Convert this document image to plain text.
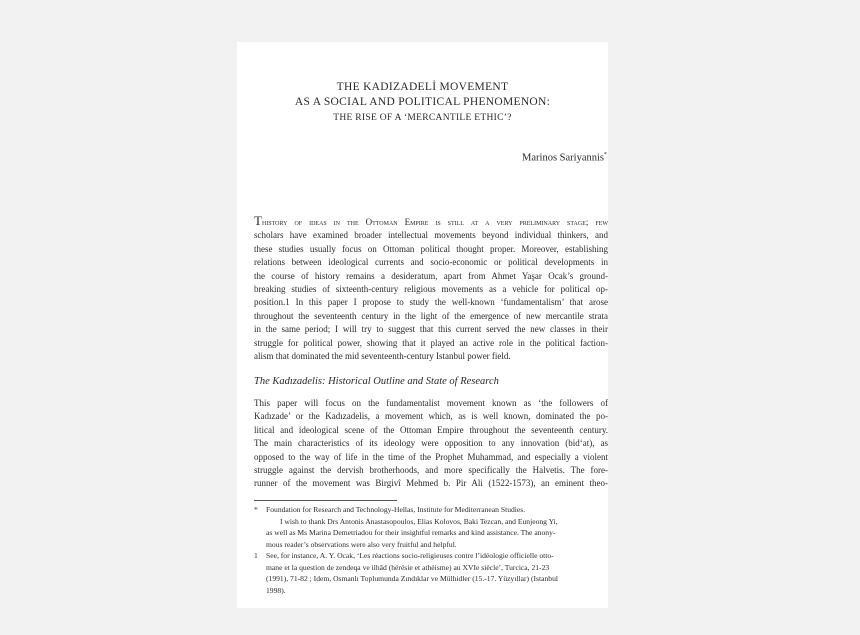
THE KADIZADELİ MOVEMENT
AS A SOCIAL AND POLITICAL PHENOMENON:
THE RISE OF A ‘MERCANTILE ETHIC’?
Marinos Sariyannis*
Thistory of ideas in the Ottoman Empire is still at a very preliminary stage; few
scholars have examined broader intellectual movements beyond individual thinkers, and
these studies usually focus on Ottoman political thought proper. Moreover, establishing
relations between ideological currents and socio-economic or political developments in
the course of history remains a desideratum, apart from Ahmet Yaşar Ocak’s ground-
breaking studies of sixteenth-century religious movements as a vehicle for political op-
position.1 In this paper I propose to study the well-known ‘fundamentalism’ that arose
throughout the seventeenth century in the light of the emergence of new mercantile strata
in the same period; I will try to suggest that this current served the new classes in their
struggle for political power, showing that it played an active role in the political faction-
alism that dominated the mid seventeenth-century Istanbul power field.
The Kadızadelis: Historical Outline and State of Research
This paper will focus on the fundamentalist movement known as ‘the followers of
Kadızade’ or the Kadızadelis, a movement which, as is well known, dominated the po-
litical and ideological scene of the Ottoman Empire throughout the seventeenth century.
The main characteristics of its ideology were opposition to any innovation (bid‘at), as
opposed to the way of life in the time of the Prophet Muhammad, and especially a violent
struggle against the dervish brotherhoods, and more specifically the Halvetis. The fore-
runner of the movement was Birgivî Mehmed b. Pir Ali (1522-1573), an eminent theo-
* Foundation for Research and Technology-Hellas, Institute for Mediterranean Studies.
I wish to thank Drs Antonis Anastasopoulos, Elias Kolovos, Baki Tezcan, and Eunjeong Yi,
as well as Ms Marina Demetriadou for their insightful remarks and kind assistance. The anony-
mous reader’s observations were also very fruitful and helpful.
1 See, for instance, A. Y. Ocak, ‘Les réactions socio-religieuses contre l’idéologie officielle otto-
mane et la question de zendeqa ve ilhâd (hérésie et athéisme) au XVIe siècle’, Turcica, 21-23
(1991), 71-82 ; Idem, Osmanlı Toplumunda Zındıklar ve Mülhidler (15.-17. Yüzyıllar) (Istanbul
1998).
